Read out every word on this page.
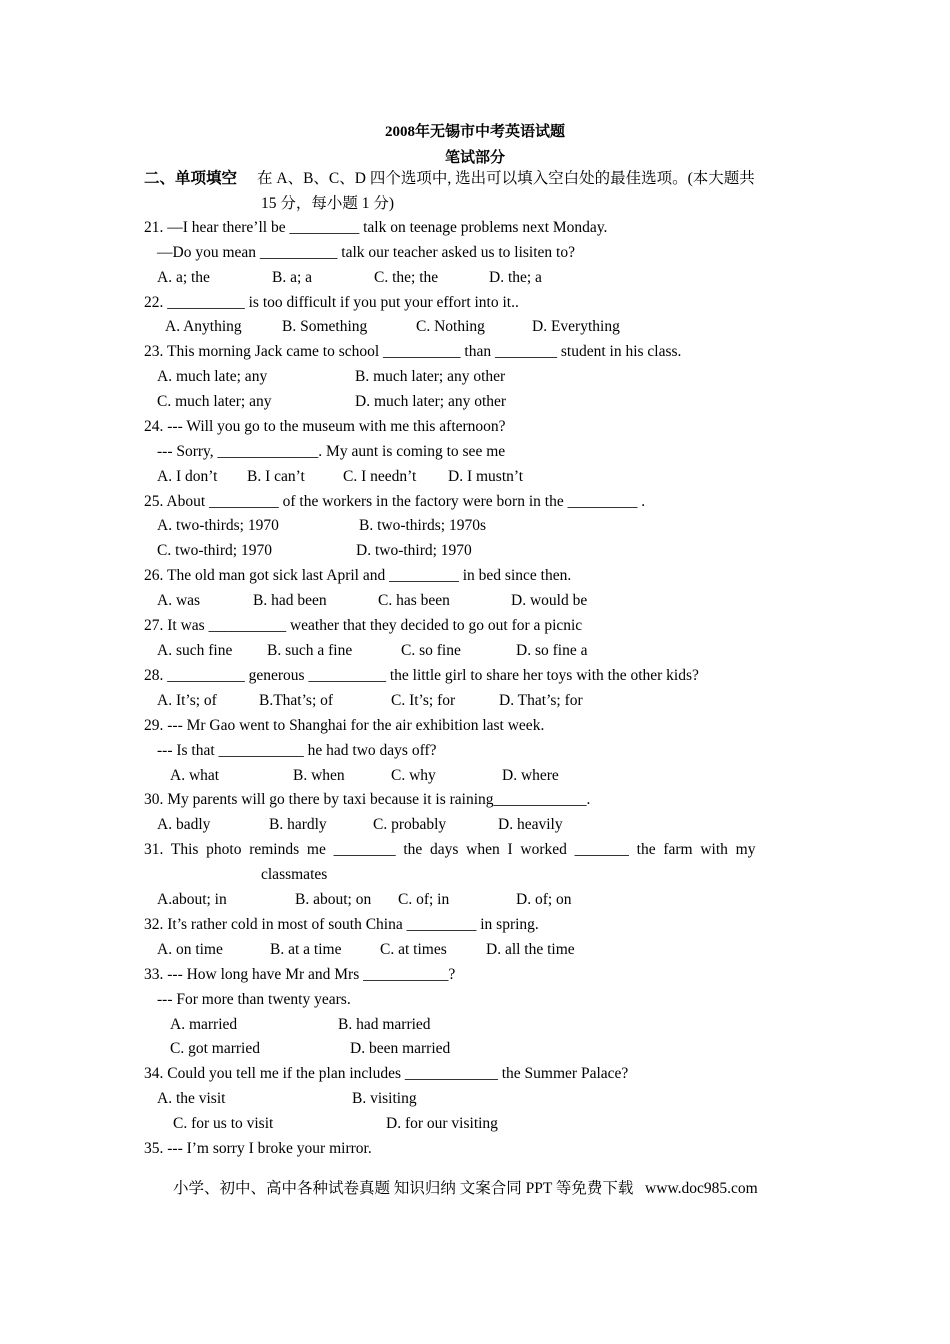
2008年无锡市中考英语试题
笔试部分
二、单项填空 在 A、B、C、D 四个选项中, 选出可以填入空白处的最佳选项。(本大题共
15 分，每小题 1 分)
21. —I hear there’ll be _________ talk on teenage problems next Monday.
—Do you mean __________ talk our teacher asked us to lisiten to?
A. a; the	B. a; a	C. the; the	D. the; a
22. __________ is too difficult if you put your effort into it..
A. Anything	B. Something	C. Nothing	D. Everything
23. This morning Jack came to school __________ than ________ student in his class.
A. much late; any	B. much later; any other
C. much later; any	D. much later; any other
24. --- Will you go to the museum with me this afternoon?
--- Sorry, _____________. My aunt is coming to see me
A. I don’t B. I can’t C. I needn’t D. I mustn’t
25. About _________ of the workers in the factory were born in the _________ .
A. two-thirds; 1970	B. two-thirds; 1970s
C. two-third; 1970	D. two-third; 1970
26. The old man got sick last April and _________ in bed since then.
A. was	B. had been	C. has been	D. would be
27. It was __________ weather that they decided to go out for a picnic
A. such fine B. such a fine	C. so fine	D. so fine a
28. __________ generous __________ the little girl to share her toys with the other kids?
A. It’s; of	B.That’s; of	C. It’s; for	D. That’s; for
29. --- Mr Gao went to Shanghai for the air exhibition last week.
--- Is that ___________ he had two days off?
A. what	B. when	C. why	D. where
30. My parents will go there by taxi because it is raining____________.
A. badly	B. hardly	C. probably	D. heavily
31.  This  photo  reminds  me  ________  the  days  when  I  worked  _______  the  farm  with  my
classmates
A.about; in	B. about; on C. of; in	D. of; on
32. It’s rather cold in most of south China _________ in spring.
A. on time	B. at a time C. at times	D. all the time
33. --- How long have Mr and Mrs ___________?
--- For more than twenty years.
A. married	B. had married
C. got married	D. been married
34. Could you tell me if the plan includes ____________ the Summer Palace?
A. the visit	B. visiting
C. for us to visit	D. for our visiting
35. --- I’m sorry I broke your mirror.
小学、初中、高中各种试卷真题 知识归纳 文案合同 PPT 等免费下载   www.doc985.com
